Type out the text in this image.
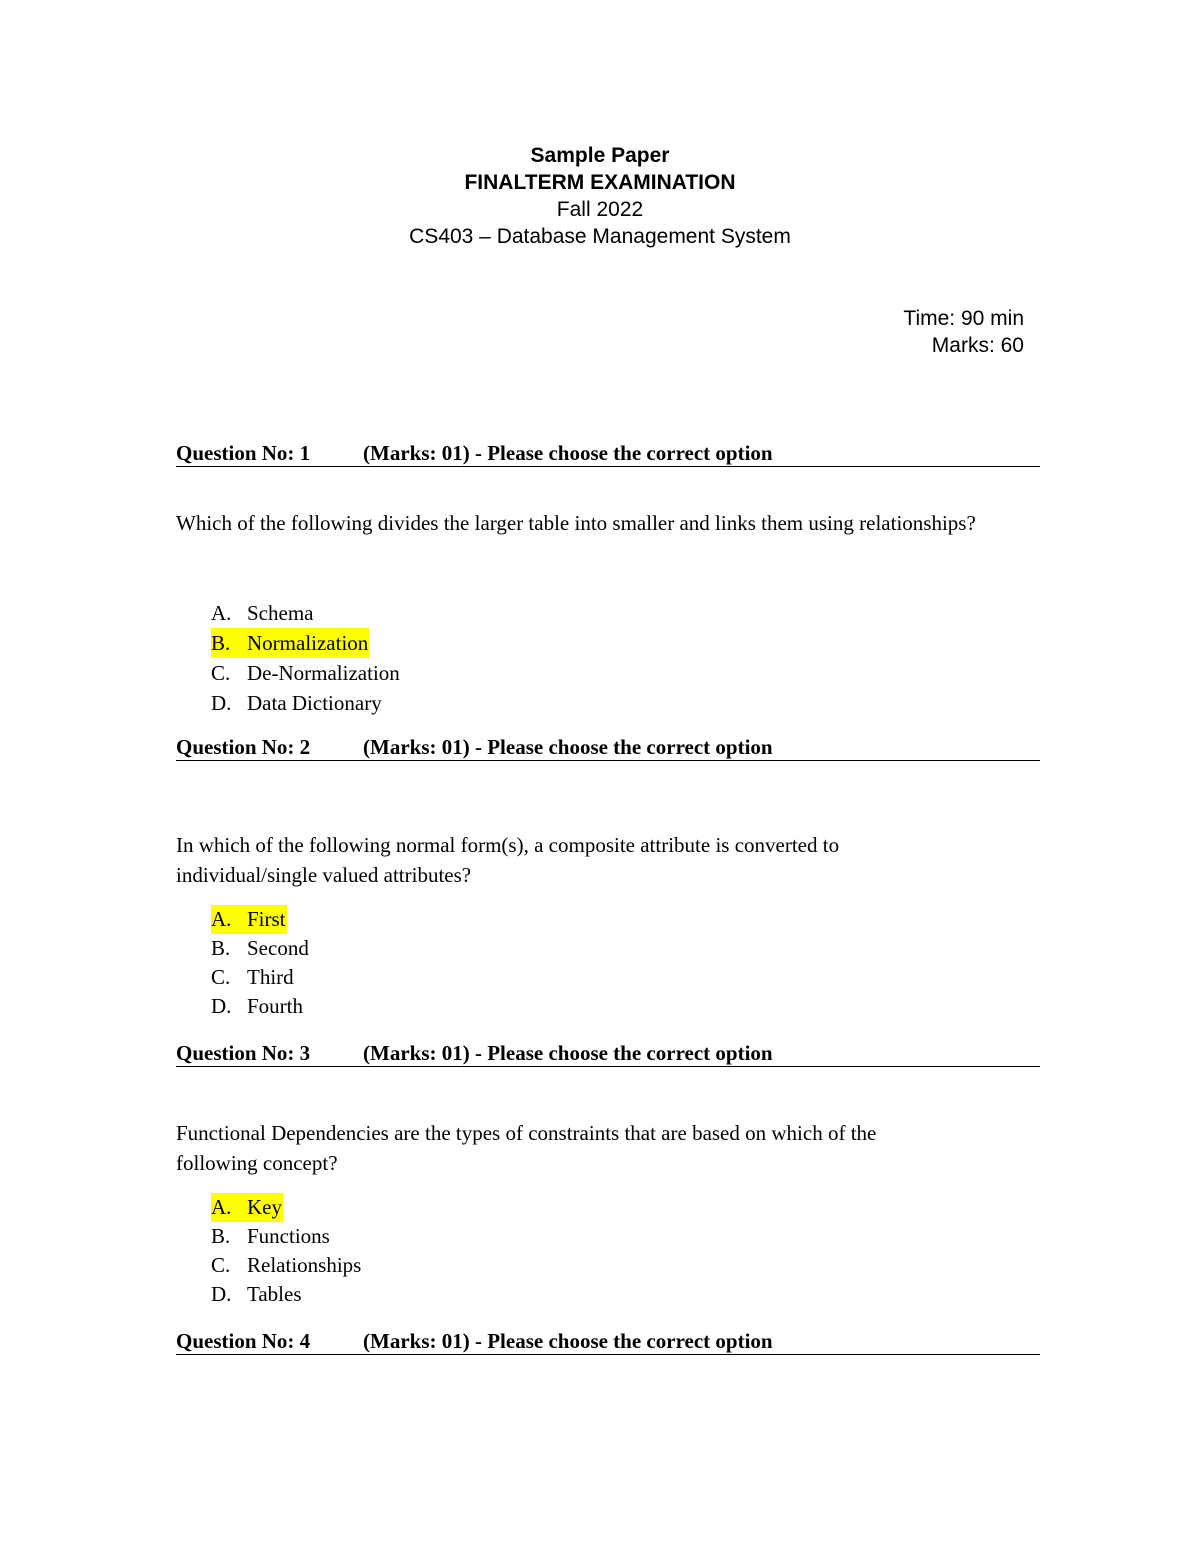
Sample Paper
FINALTERM EXAMINATION
Fall 2022
CS403 – Database Management System
Time: 90 min
Marks: 60
Question No: 1	(Marks: 01) - Please choose the correct option
Which of the following divides the larger table into smaller and links them using relationships?
A. Schema
B. Normalization
C. De-Normalization
D. Data Dictionary
Question No: 2	(Marks: 01) - Please choose the correct option
In which of the following normal form(s), a composite attribute is converted to
individual/single valued attributes?
A. First
B. Second
C. Third
D. Fourth
Question No: 3	(Marks: 01) - Please choose the correct option
Functional Dependencies are the types of constraints that are based on which of the
following concept?
A. Key
B. Functions
C. Relationships
D. Tables
Question No: 4	(Marks: 01) - Please choose the correct option
